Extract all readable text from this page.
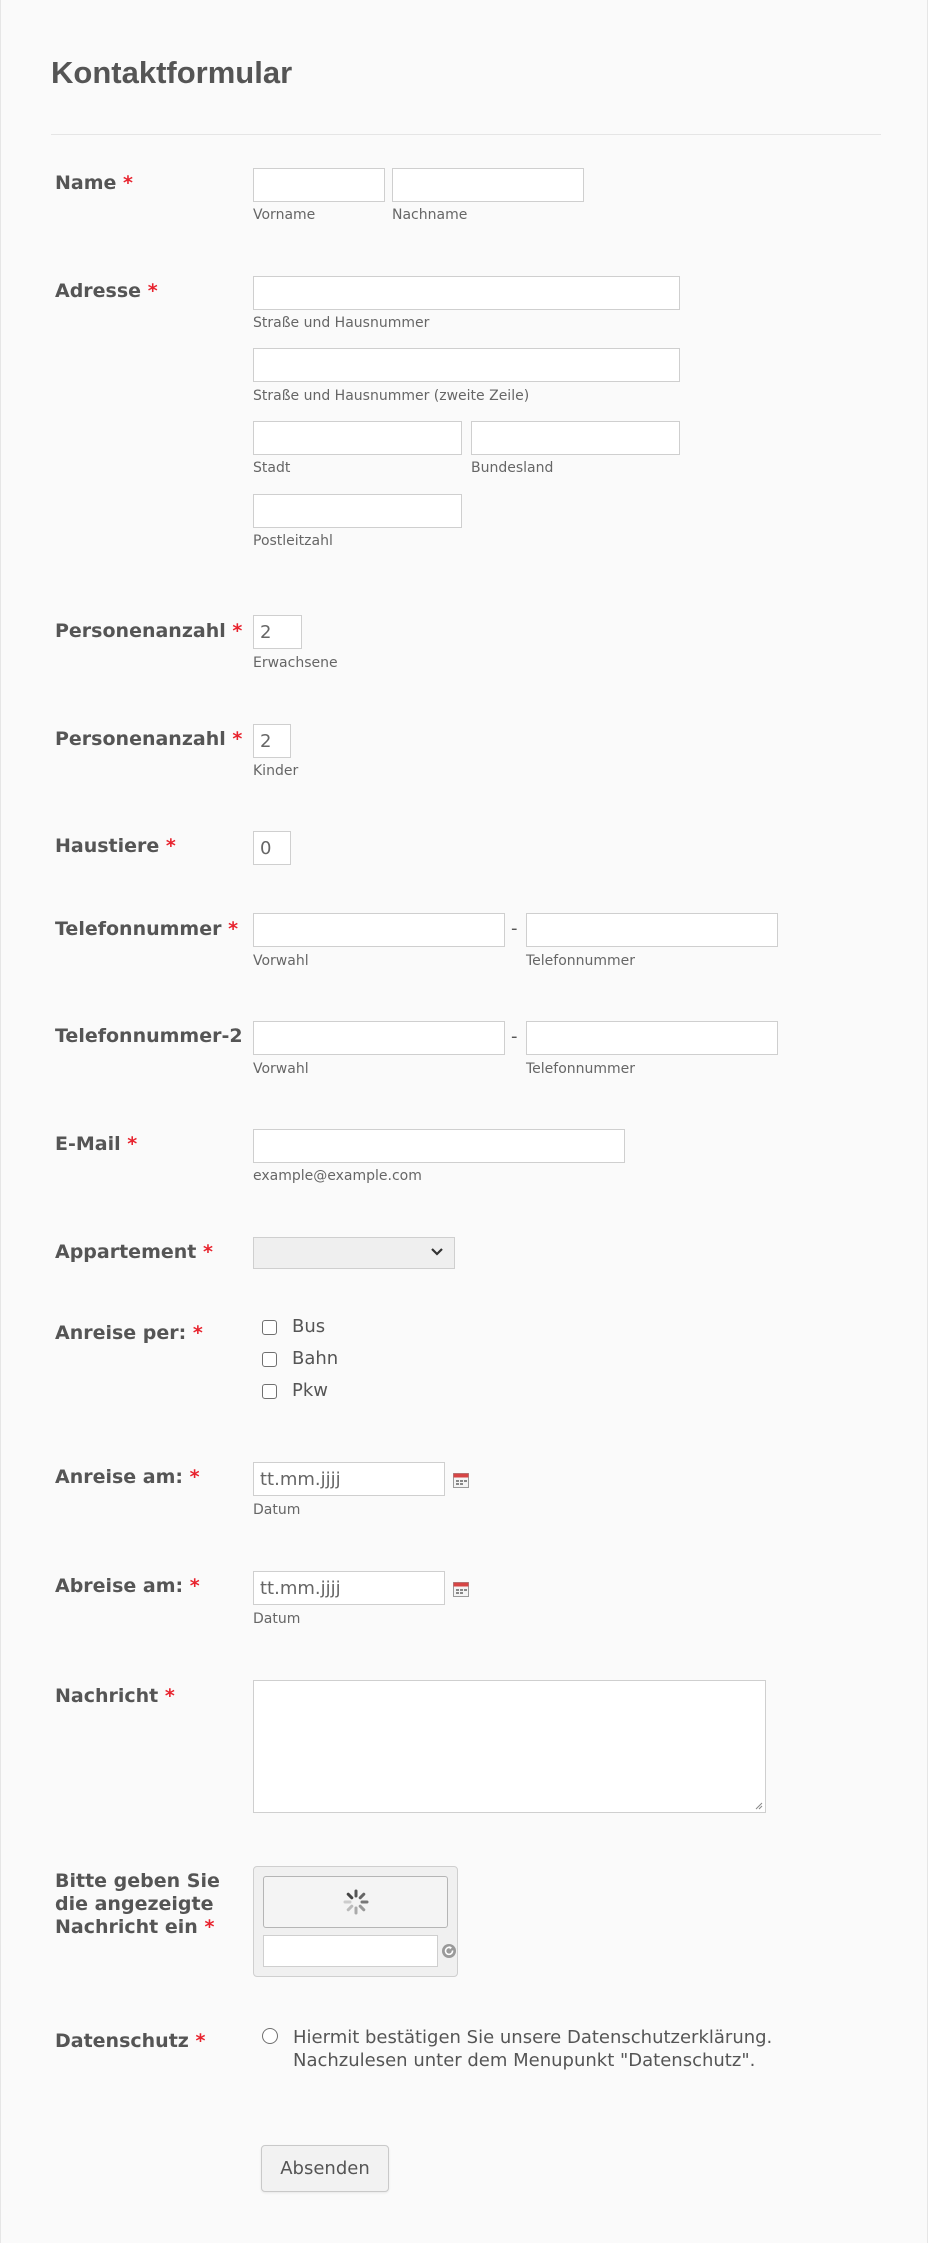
Kontaktformular
Name *
Vorname	Nachname
Adresse *
Straße und Hausnummer
Straße und Hausnummer (zweite Zeile)
Stadt	Bundesland
Postleitzahl
Personenanzahl * 2
Erwachsene
Personenanzahl * 2
Kinder
Haustiere *	0
Telefonnummer *	-
Vorwahl	Telefonnummer
Telefonnummer-2	-
Vorwahl	Telefonnummer
E-Mail *
example@example.com
Appartement *
Anreise per: *	Bus
Bahn
Pkw
Anreise am: *	tt.mm.jjjj
Datum
Abreise am: *	tt.mm.jjjj
Datum
Nachricht *
Bitte geben Sie
die angezeigte
Nachricht ein *
Datenschutz *	Hiermit bestätigen Sie unsere Datenschutzerklärung.
Nachzulesen unter dem Menupunkt "Datenschutz".
Absenden
